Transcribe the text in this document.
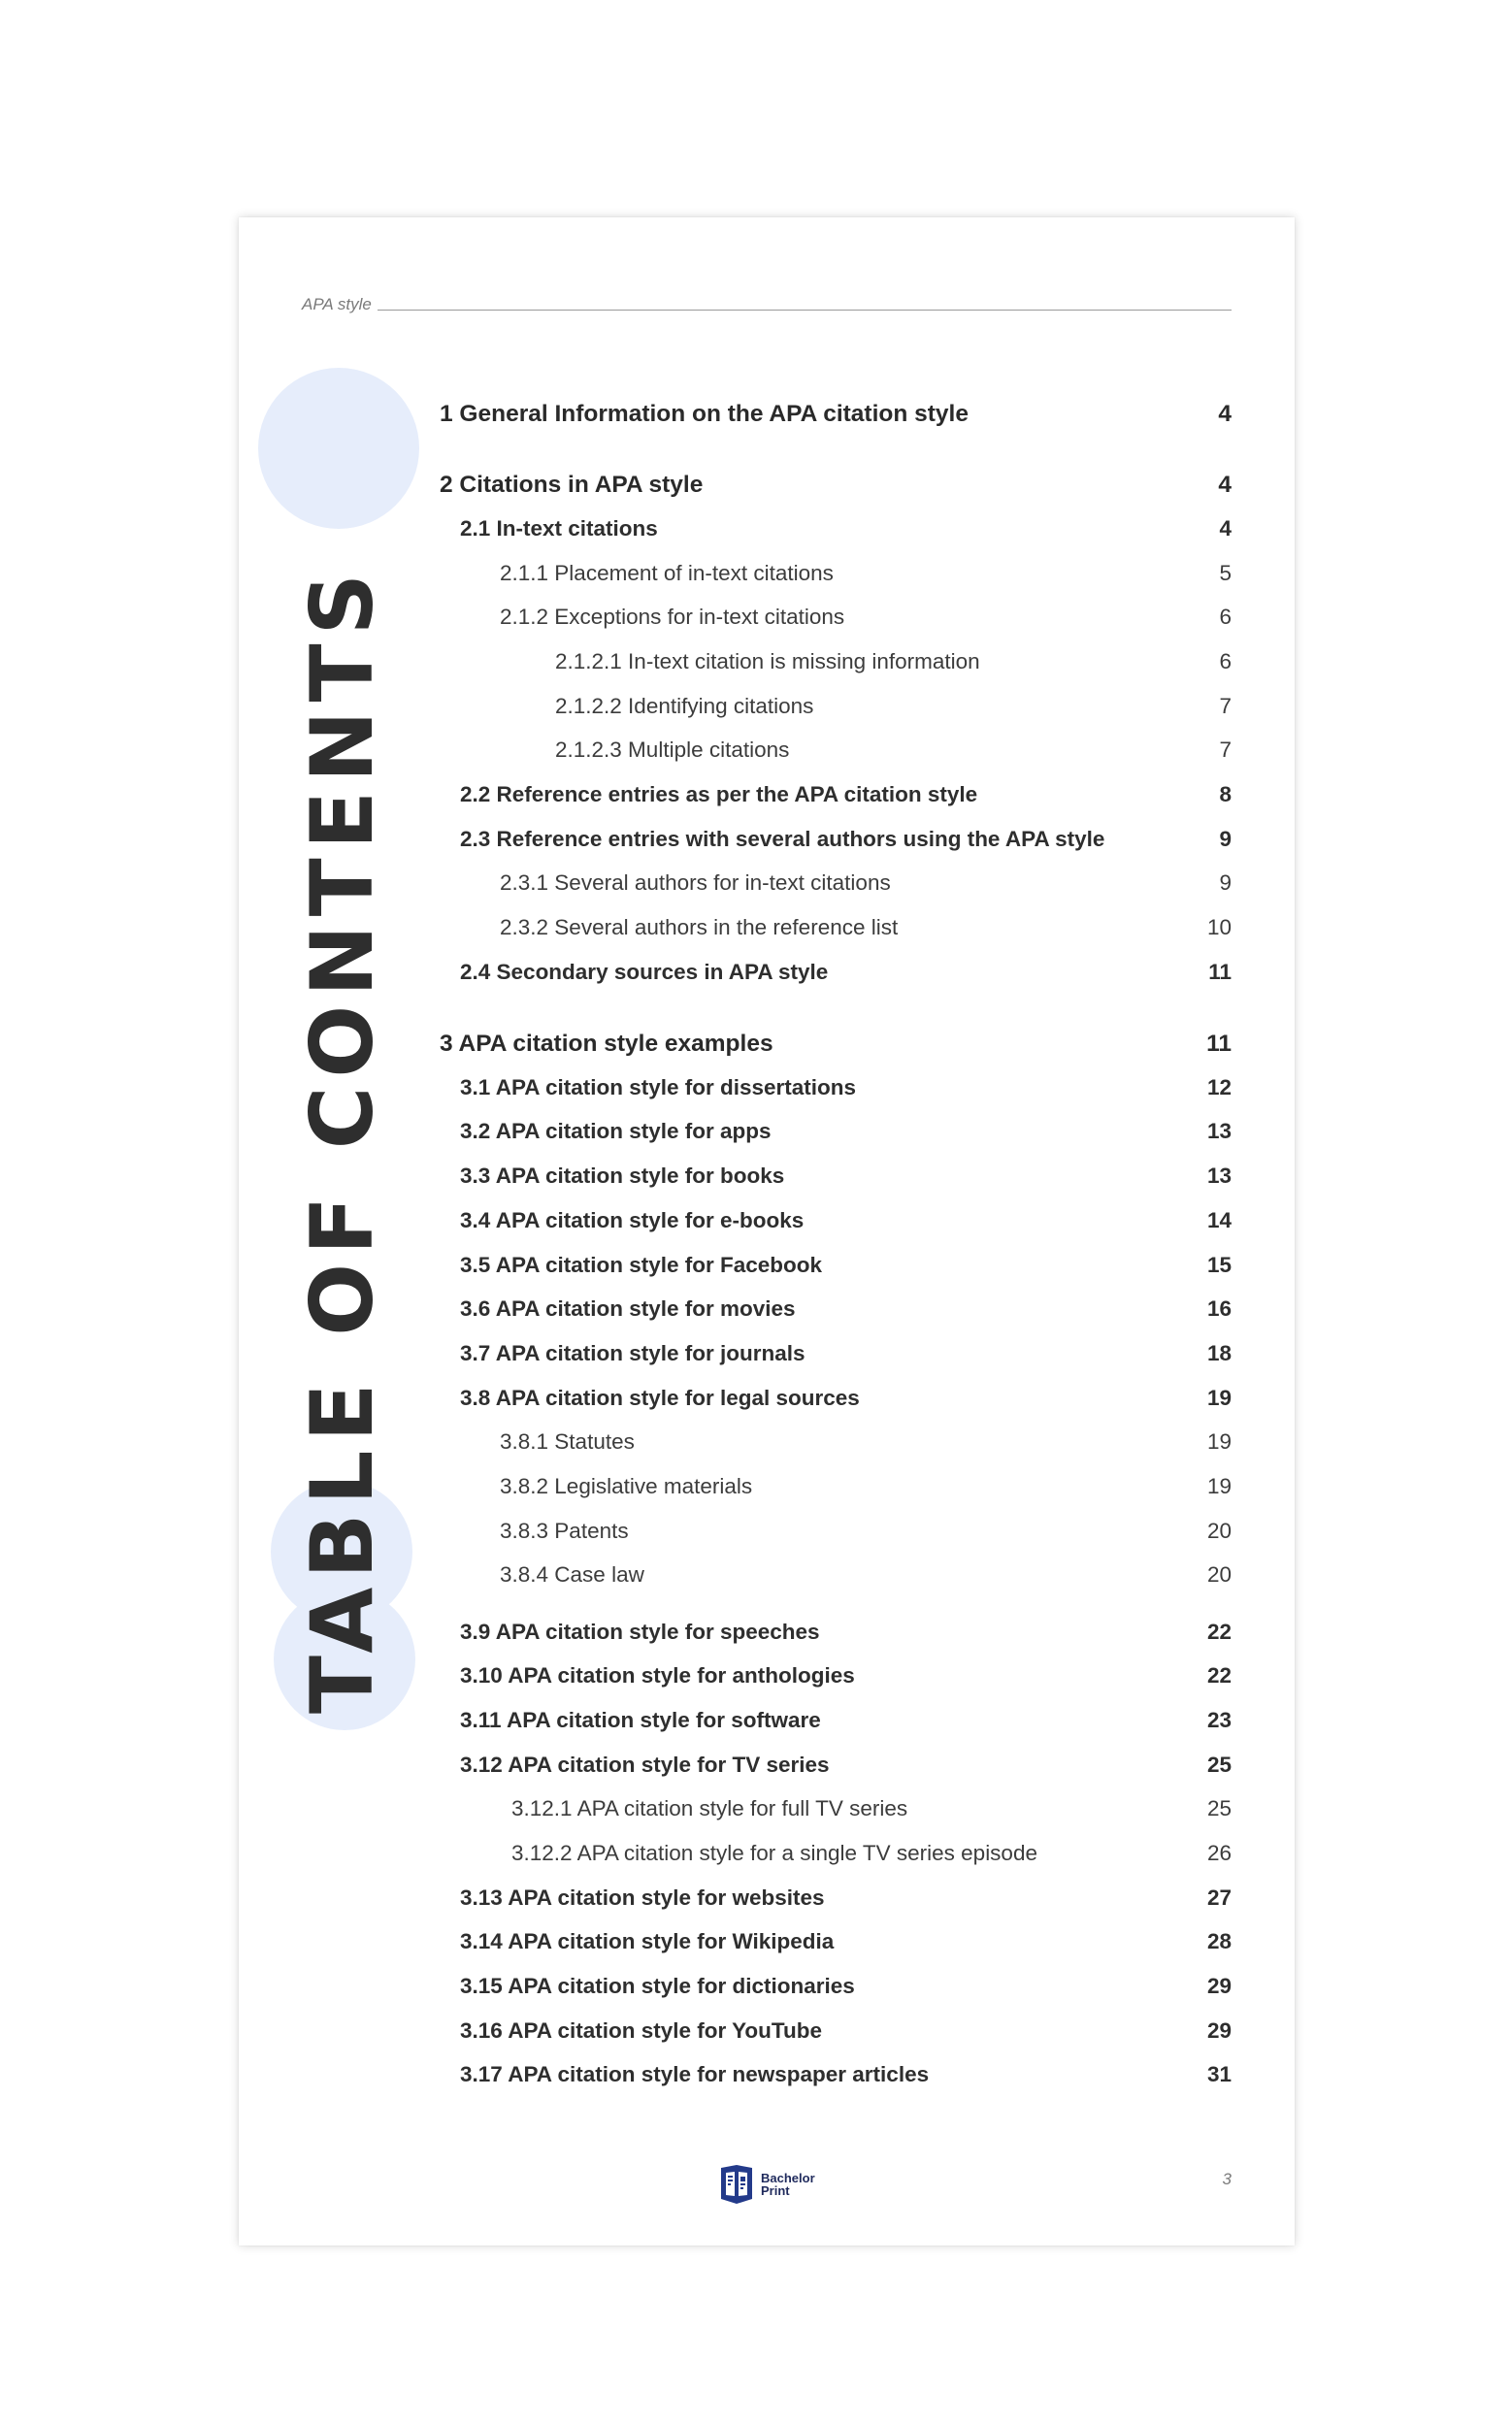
APA style
TABLE OF CONTENTS
1 General Information on the APA citation style	4
2 Citations in APA style	4
2.1 In-text citations	4
2.1.1 Placement of in-text citations	5
2.1.2 Exceptions for in-text citations	6
2.1.2.1 In-text citation is missing information	6
2.1.2.2 Identifying citations	7
2.1.2.3 Multiple citations	7
2.2 Reference entries as per the APA citation style	8
2.3 Reference entries with several authors using the APA style	9
2.3.1 Several authors for in-text citations	9
2.3.2 Several authors in the reference list	10
2.4 Secondary sources in APA style	11
3 APA citation style examples	11
3.1 APA citation style for dissertations	12
3.2 APA citation style for apps	13
3.3 APA citation style for books	13
3.4 APA citation style for e-books	14
3.5 APA citation style for Facebook	15
3.6 APA citation style for movies	16
3.7 APA citation style for journals	18
3.8 APA citation style for legal sources	19
3.8.1 Statutes	19
3.8.2 Legislative materials	19
3.8.3 Patents	20
3.8.4 Case law	20
3.9 APA citation style for speeches	22
3.10 APA citation style for anthologies	22
3.11 APA citation style for software	23
3.12 APA citation style for TV series	25
3.12.1 APA citation style for full TV series	25
3.12.2 APA citation style for a single TV series episode	26
3.13 APA citation style for websites	27
3.14 APA citation style for Wikipedia	28
3.15 APA citation style for dictionaries	29
3.16 APA citation style for YouTube	29
3.17 APA citation style for newspaper articles	31
Bachelor
Print
3
